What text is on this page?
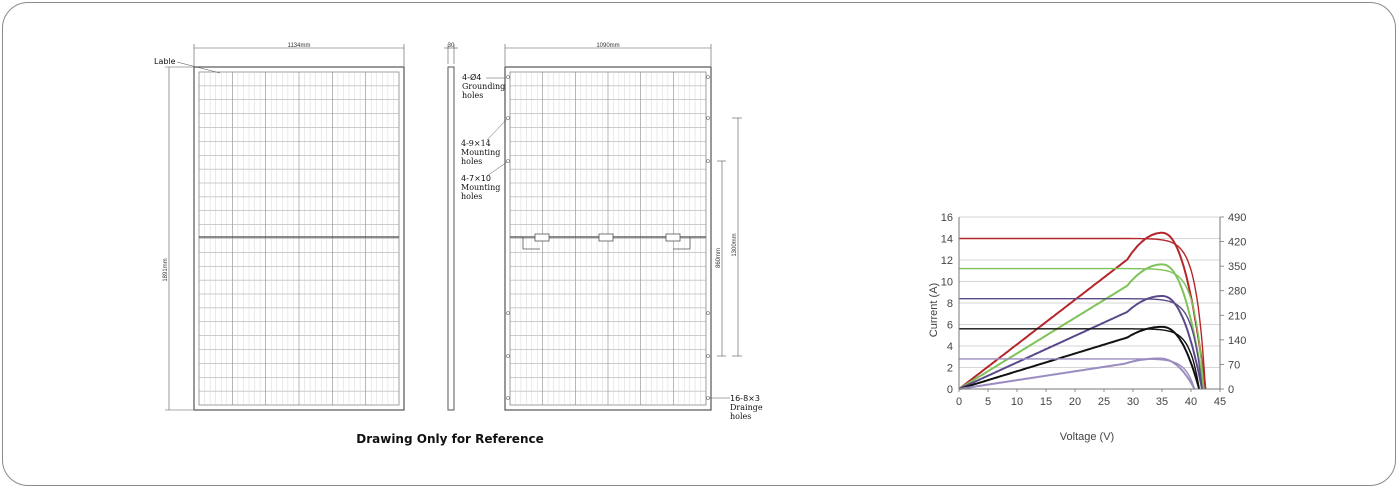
Lable
1134mm
1891mm
30	1090mm
860mm
1300mm
4-Ø4
Grounding
holes
4-9×14
Mounting
holes
4-7×10
Mounting
holes
16-8×3
Drainge
holes
0 5 10 15 20 25 30 35 40 45
0
2
4
6
8
10
12
14
16
0
70
140
210
280
350
420
490
Voltage (V)
Current (A)
Drawing Only for Reference
